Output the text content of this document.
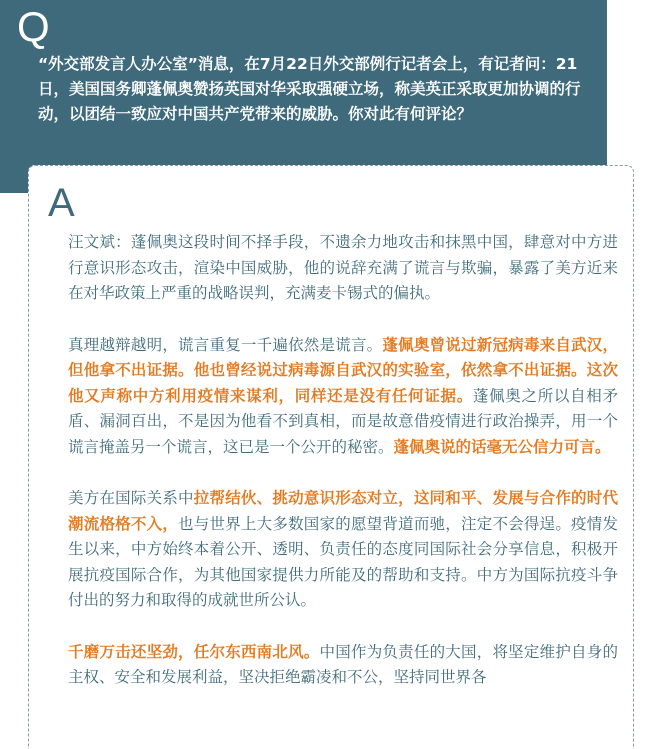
Q

“外交部发言人办公室”消息，在7月22日外交部例行记者会上，有记者问：21日，美国国务卿蓬佩奥赞扬英国对华采取强硬立场，称美英正采取更加协调的行动，以团结一致应对中国共产党带来的威胁。你对此有何评论？

A

汪文斌：蓬佩奥这段时间不择手段，不遗余力地攻击和抹黑中国，肆意对中方进行意识形态攻击，渲染中国威胁，他的说辞充满了谎言与欺骗，暴露了美方近来在对华政策上严重的战略误判，充满麦卡锡式的偏执。

真理越辩越明，谎言重复一千遍依然是谎言。蓬佩奥曾说过新冠病毒来自武汉，但他拿不出证据。他也曾经说过病毒源自武汉的实验室，依然拿不出证据。这次他又声称中方利用疫情来谋利，同样还是没有任何证据。蓬佩奥之所以自相矛盾、漏洞百出，不是因为他看不到真相，而是故意借疫情进行政治操弄，用一个谎言掩盖另一个谎言，这已是一个公开的秘密。蓬佩奥说的话毫无公信力可言。

美方在国际关系中拉帮结伙、挑动意识形态对立，这同和平、发展与合作的时代潮流格格不入，也与世界上大多数国家的愿望背道而驰，注定不会得逞。疫情发生以来，中方始终本着公开、透明、负责任的态度同国际社会分享信息，积极开展抗疫国际合作，为其他国家提供力所能及的帮助和支持。中方为国际抗疫斗争付出的努力和取得的成就世所公认。

千磨万击还坚劲，任尔东西南北风。中国作为负责任的大国，将坚定维护自身的主权、安全和发展利益，坚决拒绝霸凌和不公，坚持同世界各
